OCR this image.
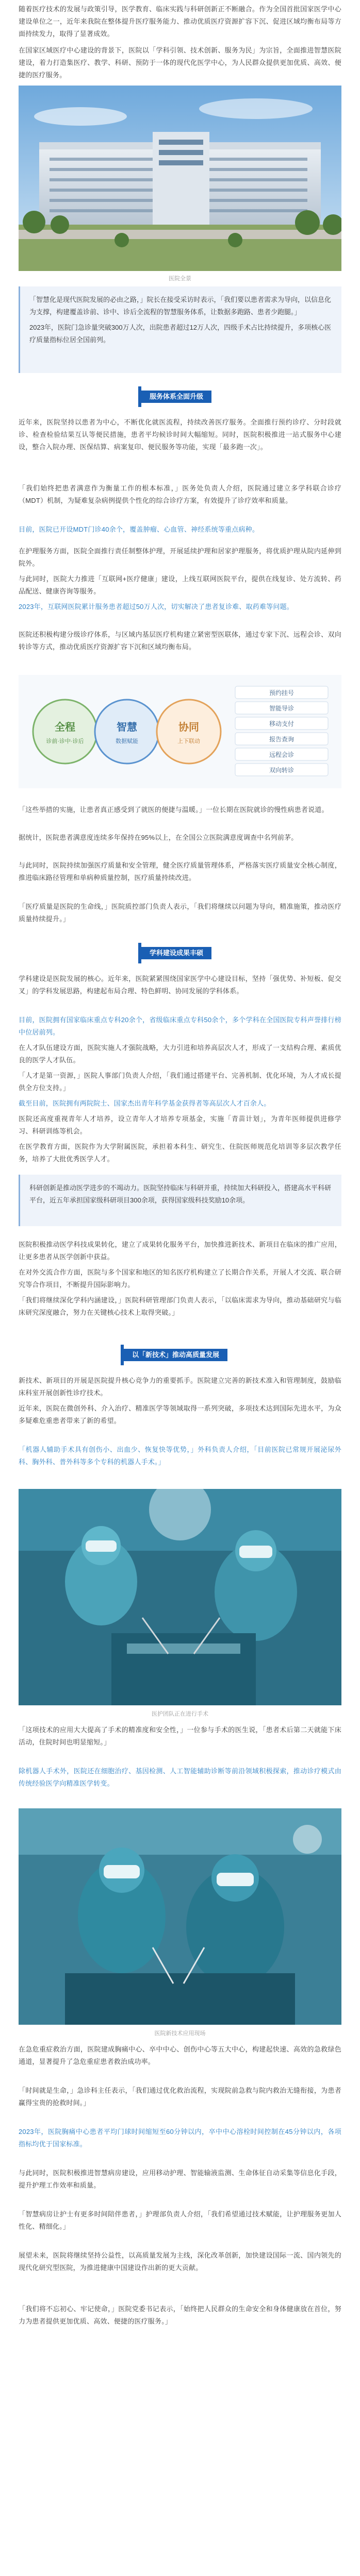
随着医疗技术的发展与政策引导，医学教育、临床实践与科研创新正不断融合。作为全国首批国家医学中心建设单位之一，近年来我院在整体提升医疗服务能力、推动优质医疗资源扩容下沉、促进区域均衡布局等方面持续发力，取得了显著成效。

在国家区域医疗中心建设的背景下，医院以「学科引领、技术创新、服务为民」为宗旨，全面推进智慧医院建设，着力打造集医疗、教学、科研、预防于一体的现代化医学中心，为人民群众提供更加优质、高效、便捷的医疗服务。

医院全景

「智慧化是现代医院发展的必由之路，」院长在接受采访时表示，「我们要以患者需求为导向，以信息化为支撑，构建覆盖诊前、诊中、诊后全流程的智慧服务体系，让数据多跑路、患者少跑腿。」

2023年，医院门急诊量突破300万人次，出院患者超过12万人次，四级手术占比持续提升，多项核心医疗质量指标位居全国前列。

服务体系全面升级

近年来，医院坚持以患者为中心，不断优化就医流程，持续改善医疗服务。全面推行预约诊疗、分时段就诊、检查检验结果互认等便民措施，患者平均候诊时间大幅缩短。同时，医院积极推进一站式服务中心建设，整合入院办理、医保结算、病案复印、便民服务等功能，实现「最多跑一次」。

「我们始终把患者满意作为衡量工作的根本标准，」医务处负责人介绍，医院通过建立多学科联合诊疗（MDT）机制，为疑难复杂病例提供个性化的综合诊疗方案，有效提升了诊疗效率和质量。

目前，医院已开设MDT门诊40余个，覆盖肿瘤、心血管、神经系统等重点病种。

在护理服务方面，医院全面推行责任制整体护理，开展延续护理和居家护理服务，将优质护理从院内延伸到院外。

与此同时，医院大力推进「互联网+医疗健康」建设，上线互联网医院平台，提供在线复诊、处方流转、药品配送、健康咨询等服务。

2023年，互联网医院累计服务患者超过50万人次，切实解决了患者复诊难、取药难等问题。

医院还积极构建分级诊疗体系，与区域内基层医疗机构建立紧密型医联体，通过专家下沉、远程会诊、双向转诊等方式，推动优质医疗资源扩容下沉和区域均衡布局。

全程
诊前·诊中·诊后
智慧
数据赋能
协同
上下联动
预约挂号
智能导诊
移动支付
报告查询
远程会诊
双向转诊

「这些举措的实施，让患者真正感受到了就医的便捷与温暖。」一位长期在医院就诊的慢性病患者说道。

据统计，医院患者满意度连续多年保持在95%以上，在全国公立医院满意度调查中名列前茅。

与此同时，医院持续加强医疗质量和安全管理，健全医疗质量管理体系，严格落实医疗质量安全核心制度，推进临床路径管理和单病种质量控制，医疗质量持续改进。

「医疗质量是医院的生命线，」医院质控部门负责人表示，「我们将继续以问题为导向，精准施策，推动医疗质量持续提升。」

学科建设成果丰硕

学科建设是医院发展的核心。近年来，医院紧紧围绕国家医学中心建设目标，坚持「强优势、补短板、促交叉」的学科发展思路，构建起布局合理、特色鲜明、协同发展的学科体系。

目前，医院拥有国家临床重点专科20余个，省级临床重点专科50余个，多个学科在全国医院专科声誉排行榜中位居前列。

在人才队伍建设方面，医院实施人才强院战略，大力引进和培养高层次人才，形成了一支结构合理、素质优良的医学人才队伍。

「人才是第一资源，」医院人事部门负责人介绍，「我们通过搭建平台、完善机制、优化环境，为人才成长提供全方位支持。」

截至目前，医院拥有两院院士、国家杰出青年科学基金获得者等高层次人才百余人。

医院还高度重视青年人才培养，设立青年人才培养专项基金，实施「青苗计划」，为青年医师提供进修学习、科研训练等机会。

在医学教育方面，医院作为大学附属医院，承担着本科生、研究生、住院医师规范化培训等多层次教学任务，培养了大批优秀医学人才。

科研创新是推动医学进步的不竭动力。医院坚持临床与科研并重，持续加大科研投入，搭建高水平科研平台，近五年承担国家级科研项目300余项，获得国家级科技奖励10余项。

医院积极推动医学科技成果转化，建立了成果转化服务平台，加快推进新技术、新项目在临床的推广应用，让更多患者从医学创新中获益。

在对外交流合作方面，医院与多个国家和地区的知名医疗机构建立了长期合作关系，开展人才交流、联合研究等合作项目，不断提升国际影响力。

「我们将继续深化学科内涵建设，」医院科研管理部门负责人表示，「以临床需求为导向，推动基础研究与临床研究深度融合，努力在关键核心技术上取得突破。」

以「新技术」推动高质量发展

新技术、新项目的开展是医院提升核心竞争力的重要抓手。医院建立完善的新技术准入和管理制度，鼓励临床科室开展创新性诊疗技术。

近年来，医院在微创外科、介入治疗、精准医学等领域取得一系列突破，多项技术达到国际先进水平，为众多疑难危重患者带来了新的希望。

「机器人辅助手术具有创伤小、出血少、恢复快等优势，」外科负责人介绍，「目前医院已常规开展泌尿外科、胸外科、普外科等多个专科的机器人手术。」

医护团队正在进行手术

「这项技术的应用大大提高了手术的精准度和安全性，」一位参与手术的医生说，「患者术后第二天就能下床活动，住院时间也明显缩短。」

除机器人手术外，医院还在细胞治疗、基因检测、人工智能辅助诊断等前沿领域积极探索，推动诊疗模式由传统经验医学向精准医学转变。

医院新技术应用现场

在急危重症救治方面，医院建成胸痛中心、卒中中心、创伤中心等五大中心，构建起快速、高效的急救绿色通道，显著提升了急危重症患者救治成功率。

「时间就是生命，」急诊科主任表示，「我们通过优化救治流程，实现院前急救与院内救治无缝衔接，为患者赢得宝贵的抢救时间。」

2023年，医院胸痛中心患者平均门球时间缩短至60分钟以内，卒中中心溶栓时间控制在45分钟以内，各项指标均优于国家标准。

与此同时，医院积极推进智慧病房建设，应用移动护理、智能输液监测、生命体征自动采集等信息化手段，提升护理工作效率和质量。

「智慧病房让护士有更多时间陪伴患者，」护理部负责人介绍，「我们希望通过技术赋能，让护理服务更加人性化、精细化。」

展望未来，医院将继续坚持公益性，以高质量发展为主线，深化改革创新，加快建设国际一流、国内领先的现代化研究型医院，为推进健康中国建设作出新的更大贡献。

「我们将不忘初心、牢记使命，」医院党委书记表示，「始终把人民群众的生命安全和身体健康放在首位，努力为患者提供更加优质、高效、便捷的医疗服务。」
